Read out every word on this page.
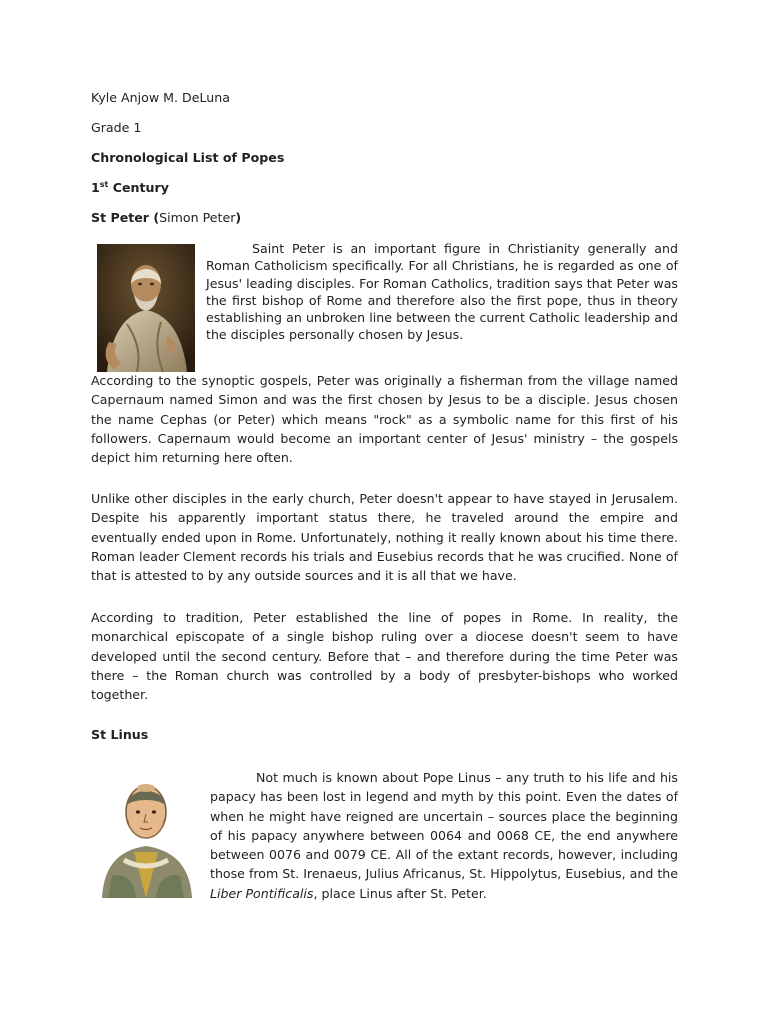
Kyle Anjow M. DeLuna

Grade 1

Chronological List of Popes

1st Century

St Peter (Simon Peter)

Saint Peter is an important figure in Christianity generally and Roman Catholicism specifically. For all Christians, he is regarded as one of Jesus' leading disciples. For Roman Catholics, tradition says that Peter was the first bishop of Rome and therefore also the first pope, thus in theory establishing an unbroken line between the current Catholic leadership and the disciples personally chosen by Jesus.

According to the synoptic gospels, Peter was originally a fisherman from the village named Capernaum named Simon and was the first chosen by Jesus to be a disciple. Jesus chosen the name Cephas (or Peter) which means "rock" as a symbolic name for this first of his followers. Capernaum would become an important center of Jesus' ministry – the gospels depict him returning here often.

Unlike other disciples in the early church, Peter doesn't appear to have stayed in Jerusalem. Despite his apparently important status there, he traveled around the empire and eventually ended upon in Rome. Unfortunately, nothing it really known about his time there. Roman leader Clement records his trials and Eusebius records that he was crucified. None of that is attested to by any outside sources and it is all that we have.

According to tradition, Peter established the line of popes in Rome. In reality, the monarchical episcopate of a single bishop ruling over a diocese doesn't seem to have developed until the second century. Before that – and therefore during the time Peter was there – the Roman church was controlled by a body of presbyter-bishops who worked together.

St Linus

Not much is known about Pope Linus – any truth to his life and his papacy has been lost in legend and myth by this point. Even the dates of when he might have reigned are uncertain – sources place the beginning of his papacy anywhere between 0064 and 0068 CE, the end anywhere between 0076 and 0079 CE. All of the extant records, however, including those from St. Irenaeus, Julius Africanus, St. Hippolytus, Eusebius, and the Liber Pontificalis, place Linus after St. Peter.
